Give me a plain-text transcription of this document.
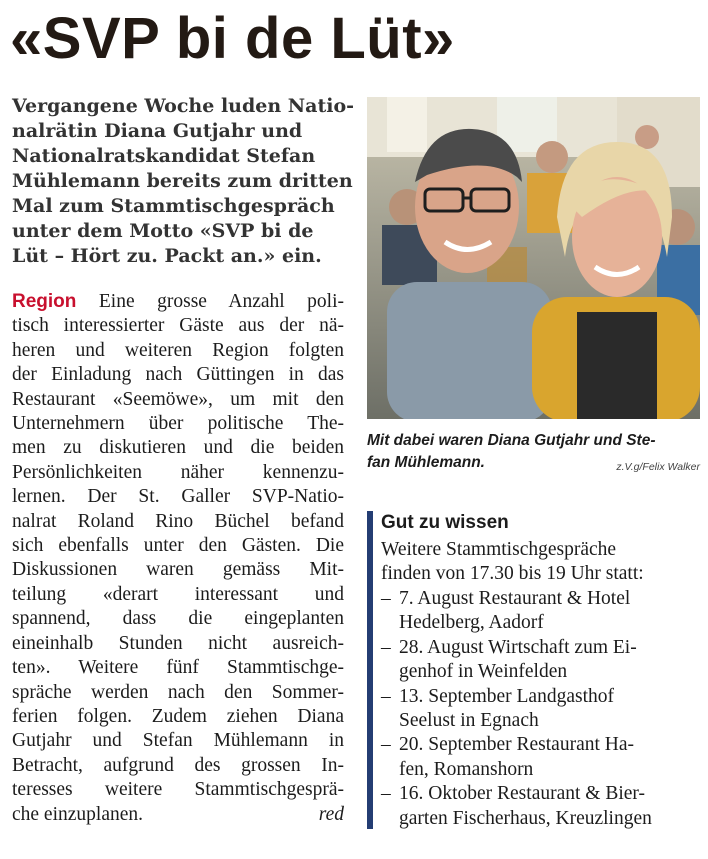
«SVP bi de Lüt»
Vergangene Woche luden Natio-
nalrätin Diana Gutjahr und
Nationalratskandidat Stefan
Mühlemann bereits zum dritten
Mal zum Stammtischgespräch
unter dem Motto «SVP bi de
Lüt – Hört zu. Packt an.» ein.
Region Eine grosse Anzahl poli-
tisch interessierter Gäste aus der nä-
heren und weiteren Region folgten
der Einladung nach Güttingen in das
Restaurant «Seemöwe», um mit den
Unternehmern über politische The-
men zu diskutieren und die beiden
Persönlichkeiten näher kennenzu-
lernen. Der St. Galler SVP-Natio-
nalrat Roland Rino Büchel befand
sich ebenfalls unter den Gästen. Die
Diskussionen waren gemäss Mit-
teilung «derart interessant und
spannend, dass die eingeplanten
eineinhalb Stunden nicht ausreich-
ten». Weitere fünf Stammtischge-
spräche werden nach den Sommer-
ferien folgen. Zudem ziehen Diana
Gutjahr und Stefan Mühlemann in
Betracht, aufgrund des grossen In-
teresses weitere Stammtischgesprä-
che einzuplanen.	red
Mit dabei waren Diana Gutjahr und Ste-
fan Mühlemann.	z.V.g/Felix Walker
Gut zu wissen
Weitere Stammtischgespräche
finden von 17.30 bis 19 Uhr statt:
– 7. August Restaurant & Hotel
Hedelberg, Aadorf
– 28. August Wirtschaft zum Ei-
genhof in Weinfelden
– 13. September Landgasthof
Seelust in Egnach
– 20. September Restaurant Ha-
fen, Romanshorn
– 16. Oktober Restaurant & Bier-
garten Fischerhaus, Kreuzlingen
